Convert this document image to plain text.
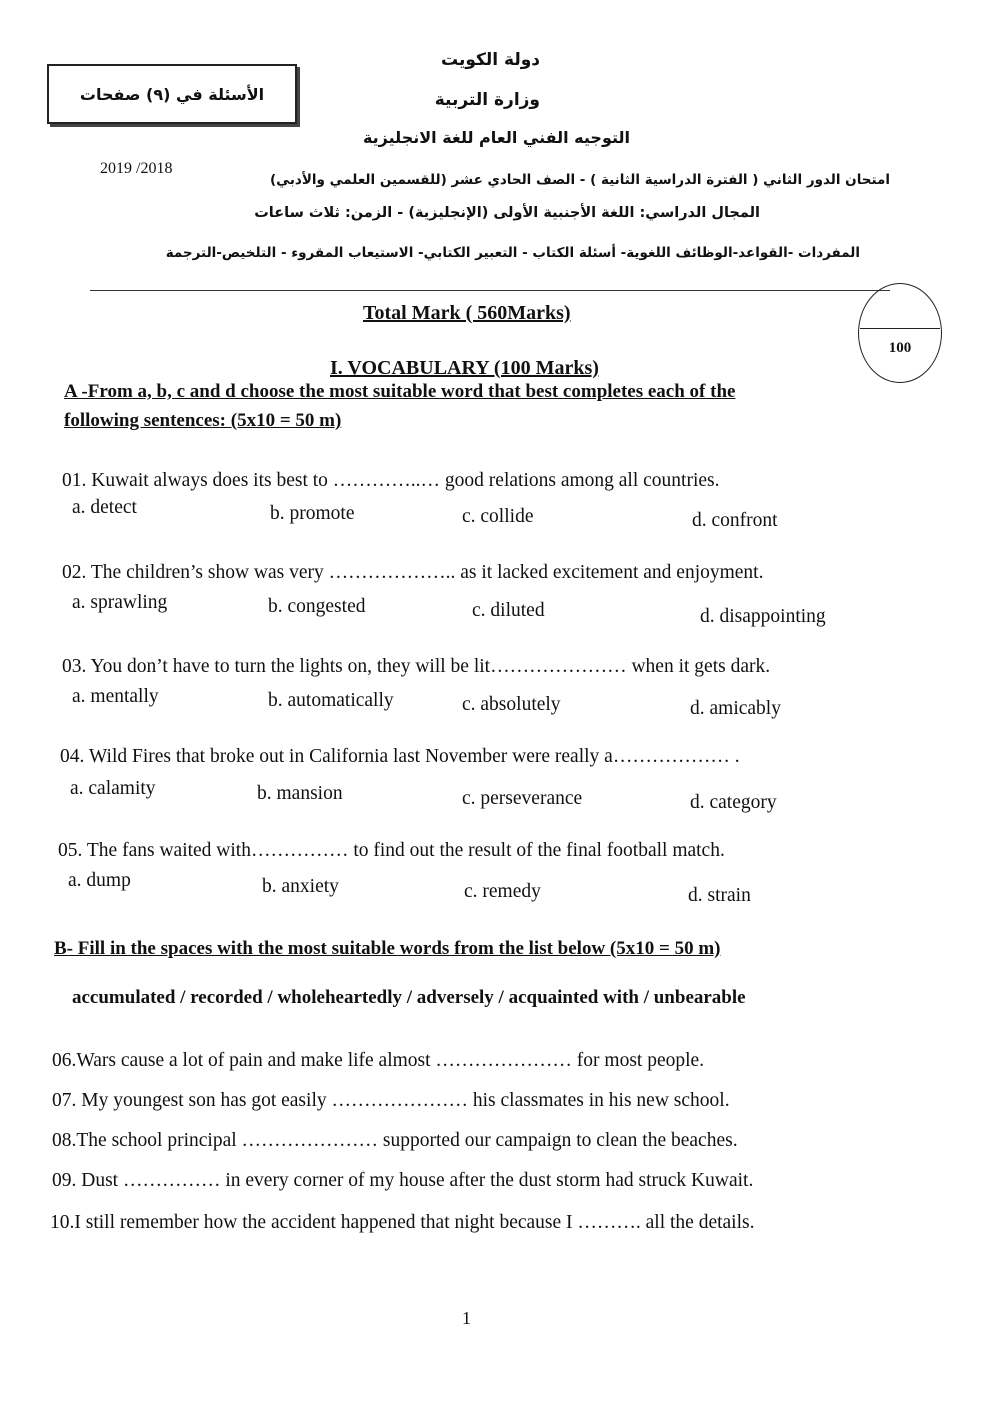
دولة الكويت
وزارة التربية
التوجيه الفني العام للغة الانجليزية
امتحان الدور الثاني ( الفترة الدراسية الثانية ) - الصف الحادي عشر (للقسمين العلمي والأدبي)
2019 /2018
المجال الدراسي: اللغة الأجنبية الأولى (الإنجليزية) - الزمن: ثلاث ساعات
المفردات -القواعد-الوظائف اللغوية- أسئلة الكتاب - التعبير الكتابي- الاستيعاب المقروء - التلخيص-الترجمة
الأسئلة في (٩) صفحات
100
Total Mark ( 560Marks)
I. VOCABULARY (100 Marks)
A -From a, b, c and d choose the most suitable word that best completes each of the
following sentences: (5x10 = 50 m)
01. Kuwait always does its best to …………..… good relations among all countries.
a. detect	b. promote	c. collide	d. confront
02. The children’s show was very ……………….. as it lacked excitement and enjoyment.
a. sprawling	b. congested	c. diluted	d. disappointing
03. You don’t have to turn the lights on, they will be lit………………… when it gets dark.
a. mentally	b. automatically	c. absolutely	d. amicably
04. Wild Fires that broke out in California last November were really a……………… .
a. calamity	b. mansion	c. perseverance	d. category
05. The fans waited with…………… to find out the result of the final football match.
a. dump	b. anxiety	c. remedy	d. strain
B- Fill in the spaces with the most suitable words from the list below (5x10 = 50 m)
accumulated / recorded / wholeheartedly / adversely / acquainted with / unbearable
06.Wars cause a lot of pain and make life almost ………………… for most people.
07. My youngest son has got easily ………………… his classmates in his new school.
08.The school principal ………………… supported our campaign to clean the beaches.
09. Dust …………… in every corner of my house after the dust storm had struck Kuwait.
10.I still remember how the accident happened that night because I ………. all the details.
1
